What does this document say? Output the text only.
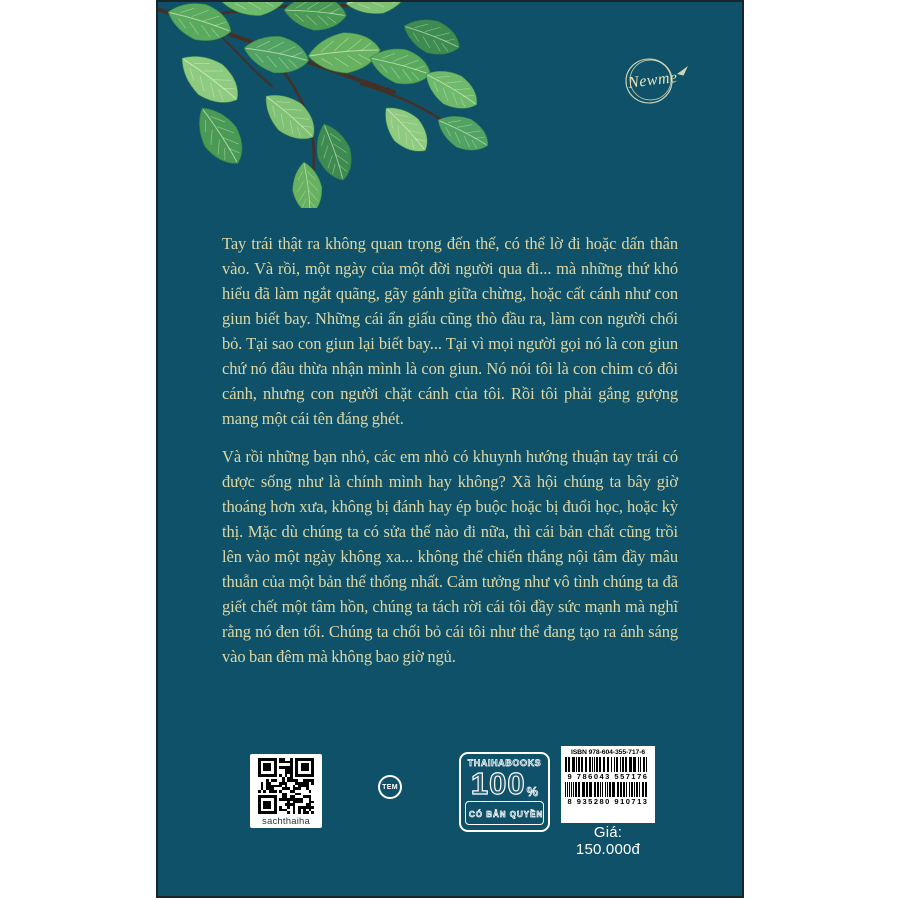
Newme

Tay trái thật ra không quan trọng đến thế, có thể lờ đi hoặc dấn thân vào. Và rồi, một ngày của một đời người qua đi... mà những thứ khó hiểu đã làm ngắt quãng, gãy gánh giữa chừng, hoặc cất cánh như con giun biết bay. Những cái ẩn giấu cũng thò đầu ra, làm con người chối bỏ. Tại sao con giun lại biết bay... Tại vì mọi người gọi nó là con giun chứ nó đâu thừa nhận mình là con giun. Nó nói tôi là con chim có đôi cánh, nhưng con người chặt cánh của tôi. Rồi tôi phải gắng gượng mang một cái tên đáng ghét.

Và rồi những bạn nhỏ, các em nhỏ có khuynh hướng thuận tay trái có được sống như là chính mình hay không? Xã hội chúng ta bây giờ thoáng hơn xưa, không bị đánh hay ép buộc hoặc bị đuổi học, hoặc kỳ thị. Mặc dù chúng ta có sửa thế nào đi nữa, thì cái bản chất cũng trồi lên vào một ngày không xa... không thể chiến thắng nội tâm đầy mâu thuẫn của một bản thể thống nhất. Cảm tưởng như vô tình chúng ta đã giết chết một tâm hồn, chúng ta tách rời cái tôi đầy sức mạnh mà nghĩ rằng nó đen tối. Chúng ta chối bỏ cái tôi như thể đang tạo ra ánh sáng vào ban đêm mà không bao giờ ngủ.

sachthaiha
TEM
THAIHABOOKS
100 %
CÓ BẢN QUYỀN
ISBN 978-604-355-717-6
9 786043 557176
8 935280 910713
Giá: 150.000đ
